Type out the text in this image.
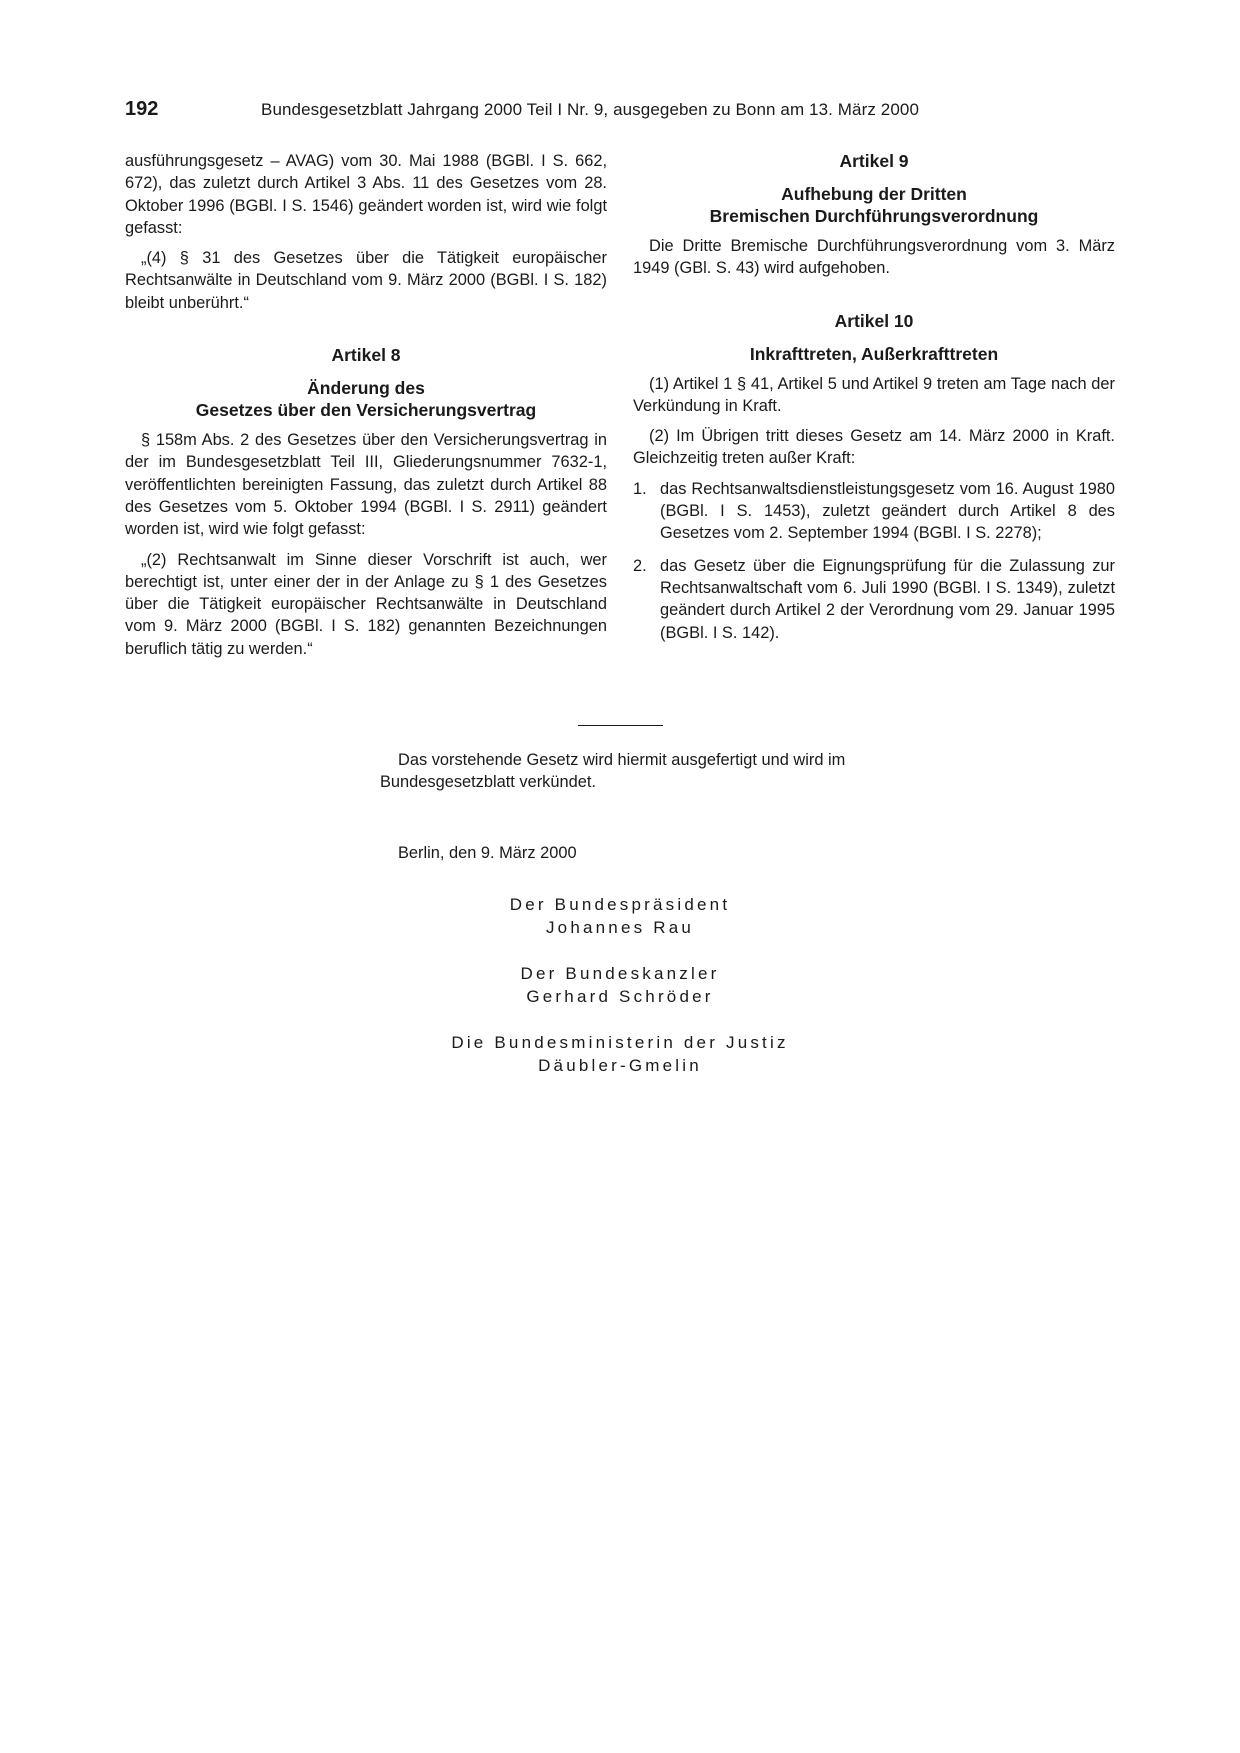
192	Bundesgesetzblatt Jahrgang 2000 Teil I Nr. 9, ausgegeben zu Bonn am 13. März 2000

ausführungsgesetz – AVAG) vom 30. Mai 1988 (BGBl. I S. 662, 672), das zuletzt durch Artikel 3 Abs. 11 des Gesetzes vom 28. Oktober 1996 (BGBl. I S. 1546) geändert worden ist, wird wie folgt gefasst:

„(4) § 31 des Gesetzes über die Tätigkeit europäischer Rechtsanwälte in Deutschland vom 9. März 2000 (BGBl. I S. 182) bleibt unberührt.“

Artikel 8
Änderung des
Gesetzes über den Versicherungsvertrag

§ 158m Abs. 2 des Gesetzes über den Versicherungsvertrag in der im Bundesgesetzblatt Teil III, Gliederungsnummer 7632-1, veröffentlichten bereinigten Fassung, das zuletzt durch Artikel 88 des Gesetzes vom 5. Oktober 1994 (BGBl. I S. 2911) geändert worden ist, wird wie folgt gefasst:

„(2) Rechtsanwalt im Sinne dieser Vorschrift ist auch, wer berechtigt ist, unter einer der in der Anlage zu § 1 des Gesetzes über die Tätigkeit europäischer Rechtsanwälte in Deutschland vom 9. März 2000 (BGBl. I S. 182) genannten Bezeichnungen beruflich tätig zu werden.“

Artikel 9
Aufhebung der Dritten
Bremischen Durchführungsverordnung

Die Dritte Bremische Durchführungsverordnung vom 3. März 1949 (GBl. S. 43) wird aufgehoben.

Artikel 10
Inkrafttreten, Außerkrafttreten

(1) Artikel 1 § 41, Artikel 5 und Artikel 9 treten am Tage nach der Verkündung in Kraft.

(2) Im Übrigen tritt dieses Gesetz am 14. März 2000 in Kraft. Gleichzeitig treten außer Kraft:

1. das Rechtsanwaltsdienstleistungsgesetz vom 16. August 1980 (BGBl. I S. 1453), zuletzt geändert durch Artikel 8 des Gesetzes vom 2. September 1994 (BGBl. I S. 2278);
2. das Gesetz über die Eignungsprüfung für die Zulassung zur Rechtsanwaltschaft vom 6. Juli 1990 (BGBl. I S. 1349), zuletzt geändert durch Artikel 2 der Verordnung vom 29. Januar 1995 (BGBl. I S. 142).

Das vorstehende Gesetz wird hiermit ausgefertigt und wird im Bundesgesetzblatt verkündet.

Berlin, den 9. März 2000
Der Bundespräsident
Johannes Rau
Der Bundeskanzler
Gerhard Schröder
Die Bundesministerin der Justiz
Däubler-Gmelin
